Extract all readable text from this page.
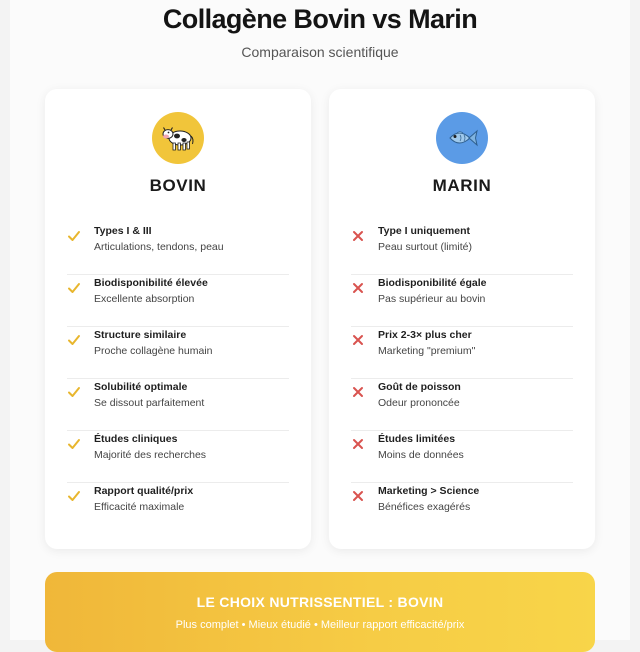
Collagène Bovin vs Marin
Comparaison scientifique
BOVIN
Types I & III
Articulations, tendons, peau
Biodisponibilité élevée
Excellente absorption
Structure similaire
Proche collagène humain
Solubilité optimale
Se dissout parfaitement
Études cliniques
Majorité des recherches
Rapport qualité/prix
Efficacité maximale
MARIN
Type I uniquement
Peau surtout (limité)
Biodisponibilité égale
Pas supérieur au bovin
Prix 2-3× plus cher
Marketing "premium"
Goût de poisson
Odeur prononcée
Études limitées
Moins de données
Marketing > Science
Bénéfices exagérés
LE CHOIX NUTRISSENTIEL : BOVIN
Plus complet • Mieux étudié • Meilleur rapport efficacité/prix
